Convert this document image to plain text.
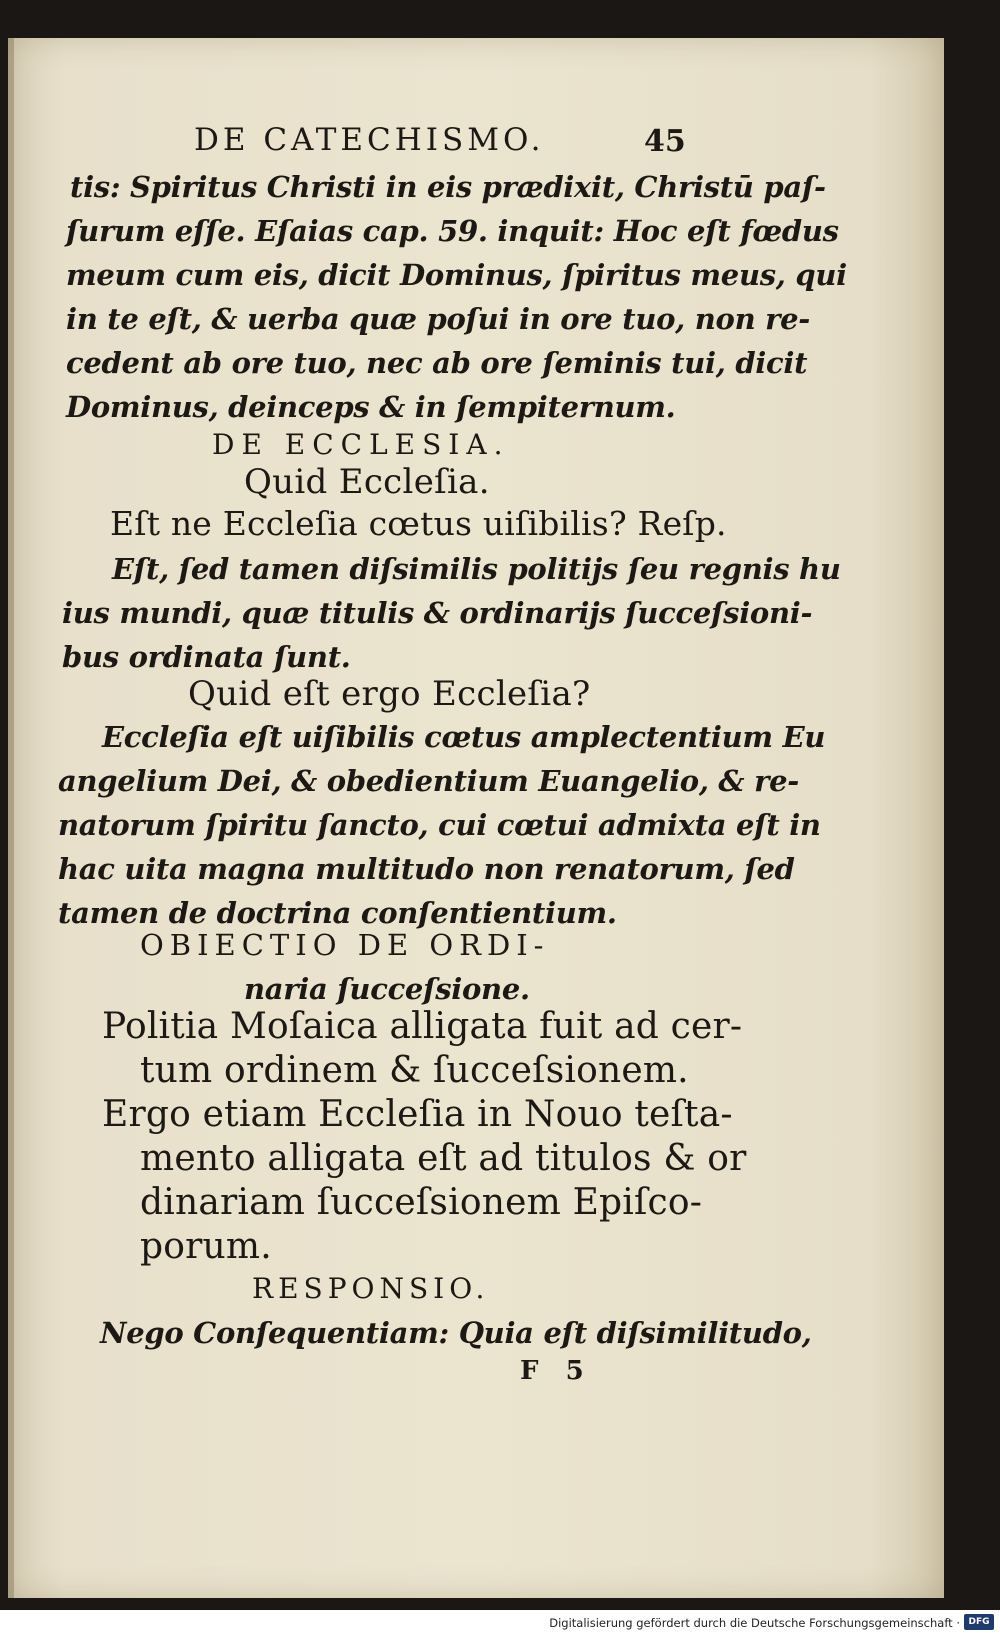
DE CATECHISMO.	45
tis: Spiritus Christi in eis prædixit, Christū paſ-
ſurum eſſe. Eſaias cap. 59. inquit: Hoc eſt fœdus
meum cum eis, dicit Dominus, ſpiritus meus, qui
in te eſt, & uerba quæ poſui in ore tuo, non re-
cedent ab ore tuo, nec ab ore ſeminis tui, dicit
Dominus, deinceps & in ſempiternum.
DE ECCLESIA.
Quid Eccleſia.
Eſt ne Eccleſia cœtus uiſibilis? Reſp.
Eſt, ſed tamen diſsimilis politijs ſeu regnis hu
ius mundi, quæ titulis & ordinarijs ſucceſsioni-
bus ordinata ſunt.
Quid eſt ergo Eccleſia?
Eccleſia eſt uiſibilis cœtus amplectentium Eu
angelium Dei, & obedientium Euangelio, & re-
natorum ſpiritu ſancto, cui cœtui admixta eſt in
hac uita magna multitudo non renatorum, ſed
tamen de doctrina conſentientium.
OBIECTIO DE ORDI-
naria ſucceſsione.
Politia Moſaica alligata fuit ad cer-
tum ordinem & ſucceſsionem.
Ergo etiam Eccleſia in Nouo teſta-
mento alligata eſt ad titulos & or
dinariam ſucceſsionem Epiſco-
porum.
RESPONSIO.
Nego Conſequentiam: Quia eſt diſsimilitudo,
F   5
Digitalisierung gefördert durch die Deutsche Forschungsgemeinschaft · DFG
